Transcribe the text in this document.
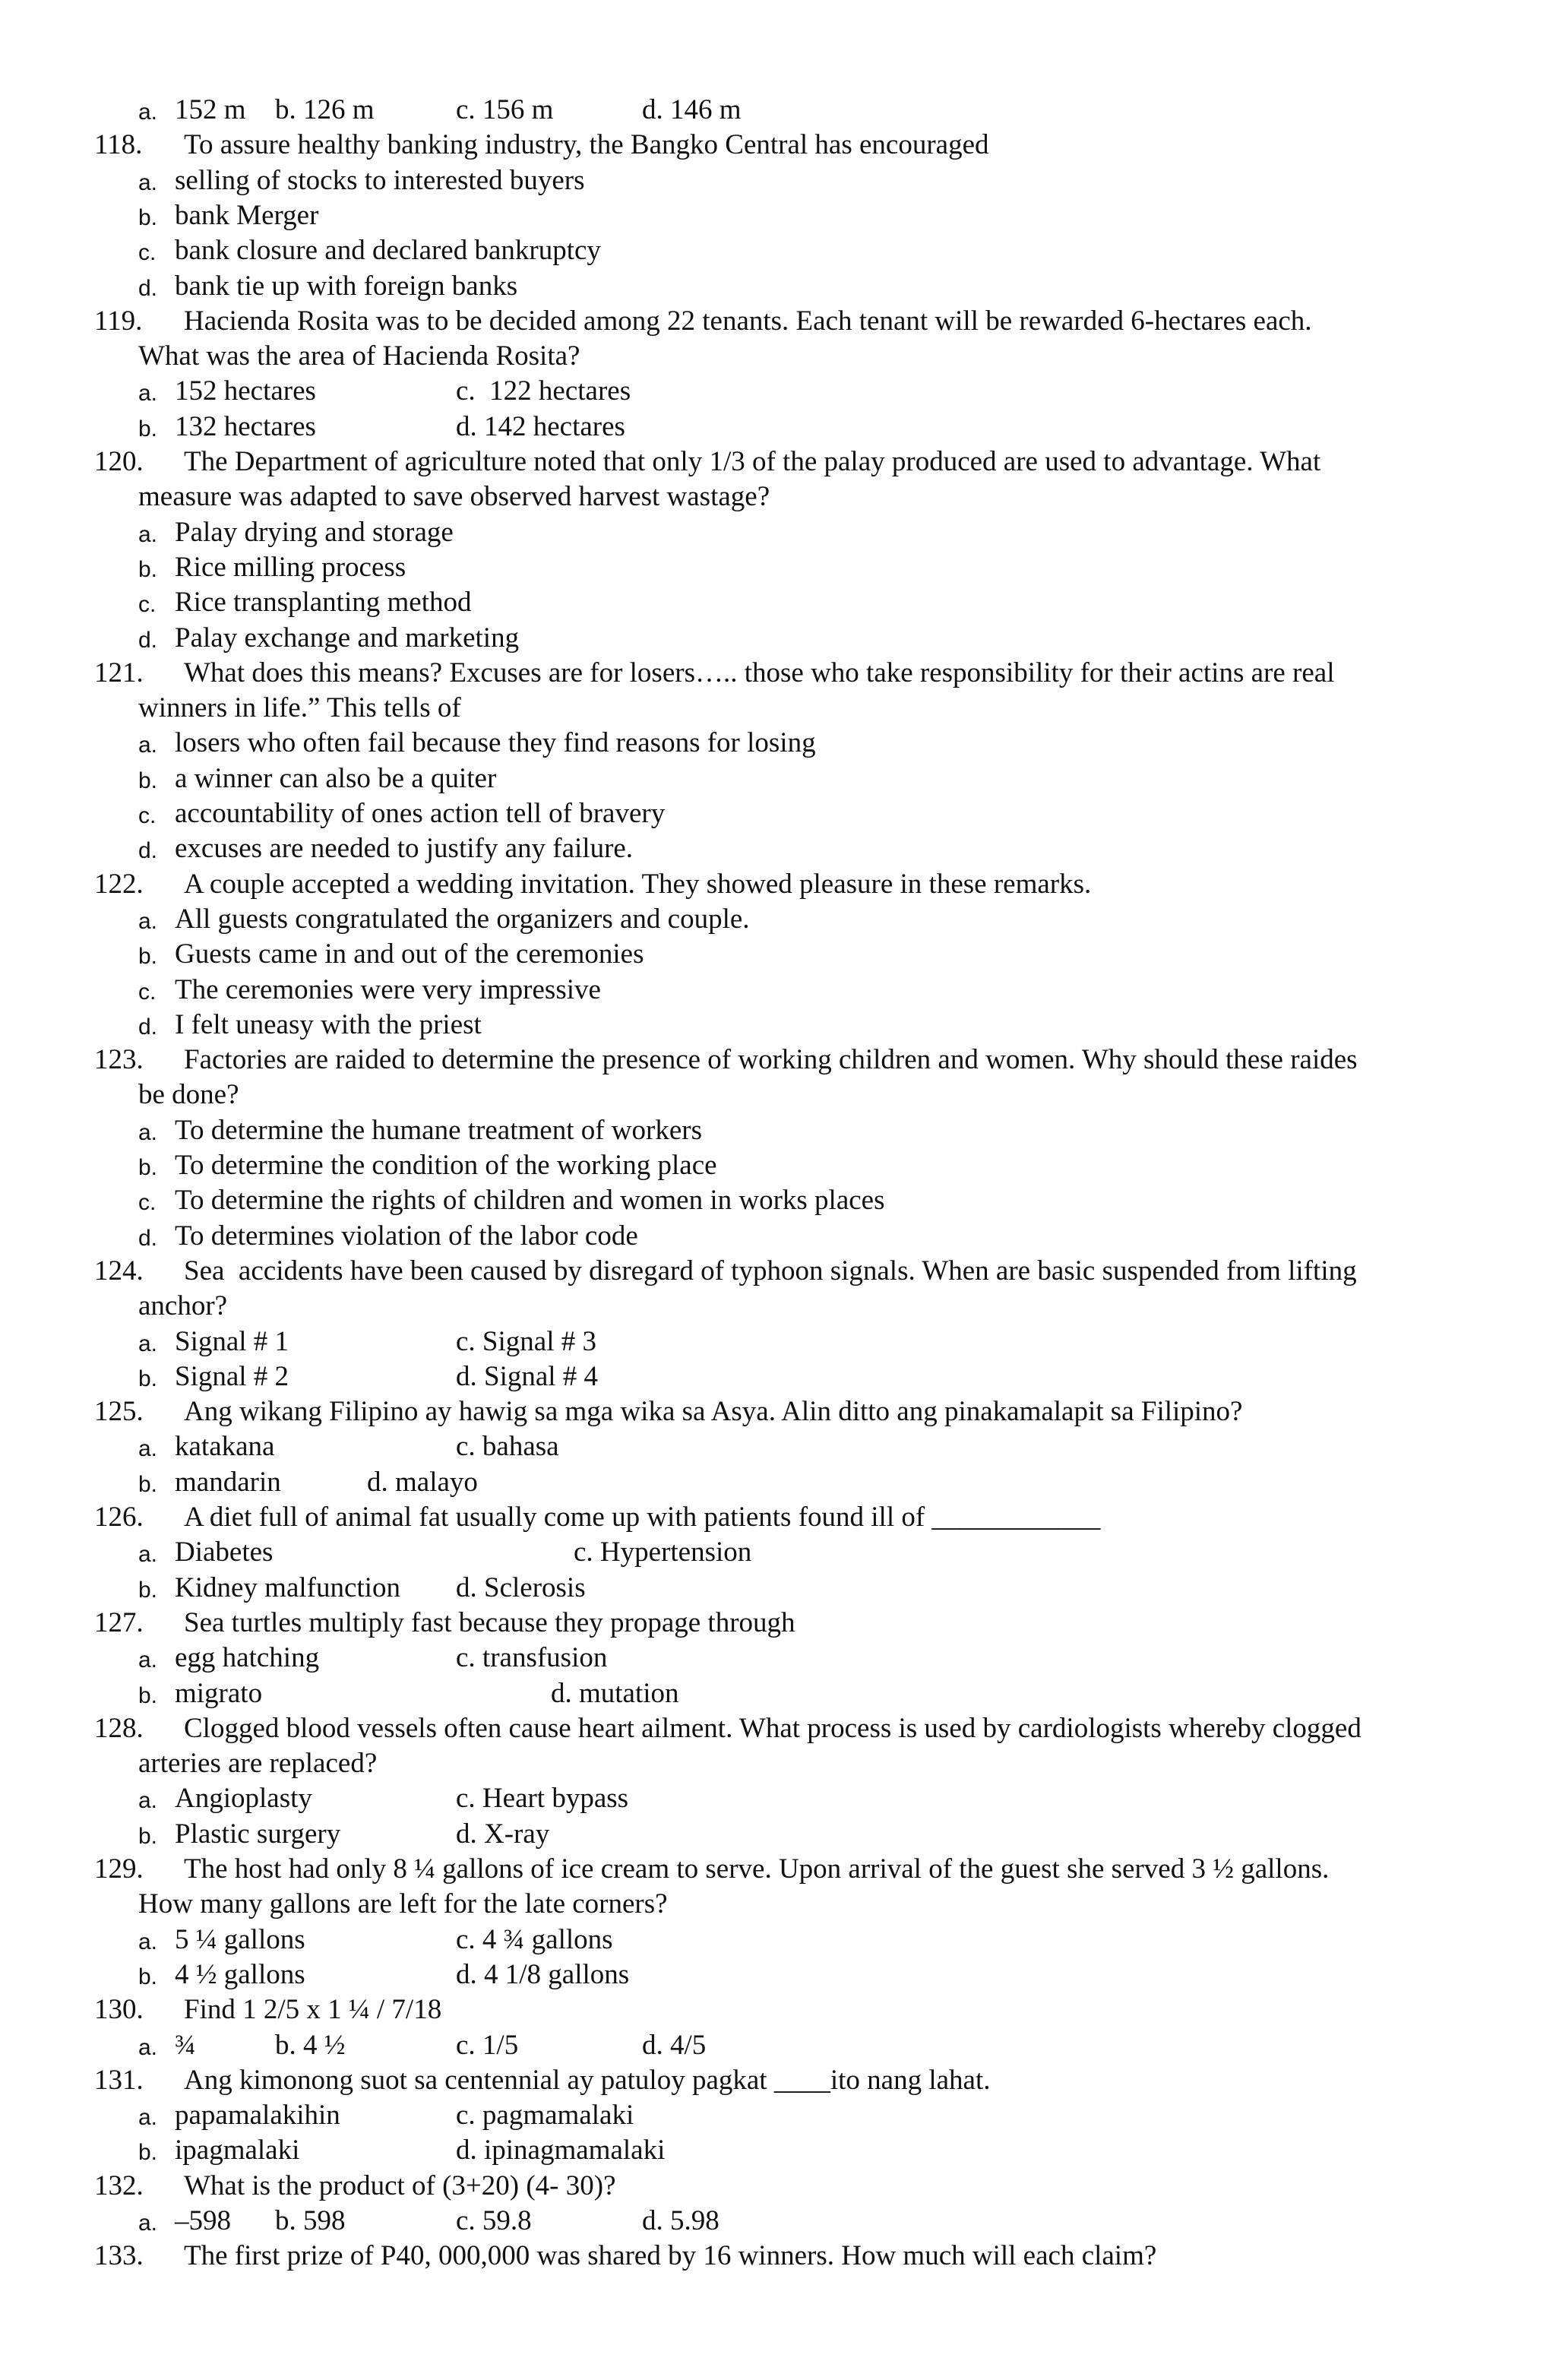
a. 152 m b. 126 m	c. 156 m	d. 146 m
118. To assure healthy banking industry, the Bangko Central has encouraged
a. selling of stocks to interested buyers
b. bank Merger
c. bank closure and declared bankruptcy
d. bank tie up with foreign banks
119. Hacienda Rosita was to be decided among 22 tenants. Each tenant will be rewarded 6-hectares each.
What was the area of Hacienda Rosita?
a. 152 hectares	c.  122 hectares
b. 132 hectares	d. 142 hectares
120. The Department of agriculture noted that only 1/3 of the palay produced are used to advantage. What
measure was adapted to save observed harvest wastage?
a. Palay drying and storage
b. Rice milling process
c. Rice transplanting method
d. Palay exchange and marketing
121. What does this means? Excuses are for losers….. those who take responsibility for their actins are real
winners in life.” This tells of
a. losers who often fail because they find reasons for losing
b. a winner can also be a quiter
c. accountability of ones action tell of bravery
d. excuses are needed to justify any failure.
122. A couple accepted a wedding invitation. They showed pleasure in these remarks.
a. All guests congratulated the organizers and couple.
b. Guests came in and out of the ceremonies
c. The ceremonies were very impressive
d. I felt uneasy with the priest
123. Factories are raided to determine the presence of working children and women. Why should these raides
be done?
a. To determine the humane treatment of workers
b. To determine the condition of the working place
c. To determine the rights of children and women in works places
d. To determines violation of the labor code
124. Sea  accidents have been caused by disregard of typhoon signals. When are basic suspended from lifting
anchor?
a. Signal # 1	c. Signal # 3
b. Signal # 2	d. Signal # 4
125. Ang wikang Filipino ay hawig sa mga wika sa Asya. Alin ditto ang pinakamalapit sa Filipino?
a. katakana	c. bahasa
b. mandarin	d. malayo
126. A diet full of animal fat usually come up with patients found ill of ____________
a. Diabetes	c. Hypertension
b. Kidney malfunction d. Sclerosis
127. Sea turtles multiply fast because they propage through
a. egg hatching	c. transfusion
b. migrato	d. mutation
128. Clogged blood vessels often cause heart ailment. What process is used by cardiologists whereby clogged
arteries are replaced?
a. Angioplasty	c. Heart bypass
b. Plastic surgery	d. X-ray
129. The host had only 8 ¼ gallons of ice cream to serve. Upon arrival of the guest she served 3 ½ gallons.
How many gallons are left for the late corners?
a. 5 ¼ gallons	c. 4 ¾ gallons
b. 4 ½ gallons	d. 4 1/8 gallons
130. Find 1 2/5 x 1 ¼ / 7/18
a. ¾	b. 4 ½	c. 1/5	d. 4/5
131. Ang kimonong suot sa centennial ay patuloy pagkat ____ito nang lahat.
a. papamalakihin	c. pagmamalaki
b. ipagmalaki	d. ipinagmamalaki
132. What is the product of (3+20) (4- 30)?
a. –598 b. 598	c. 59.8	d. 5.98
133. The first prize of P40, 000,000 was shared by 16 winners. How much will each claim?
